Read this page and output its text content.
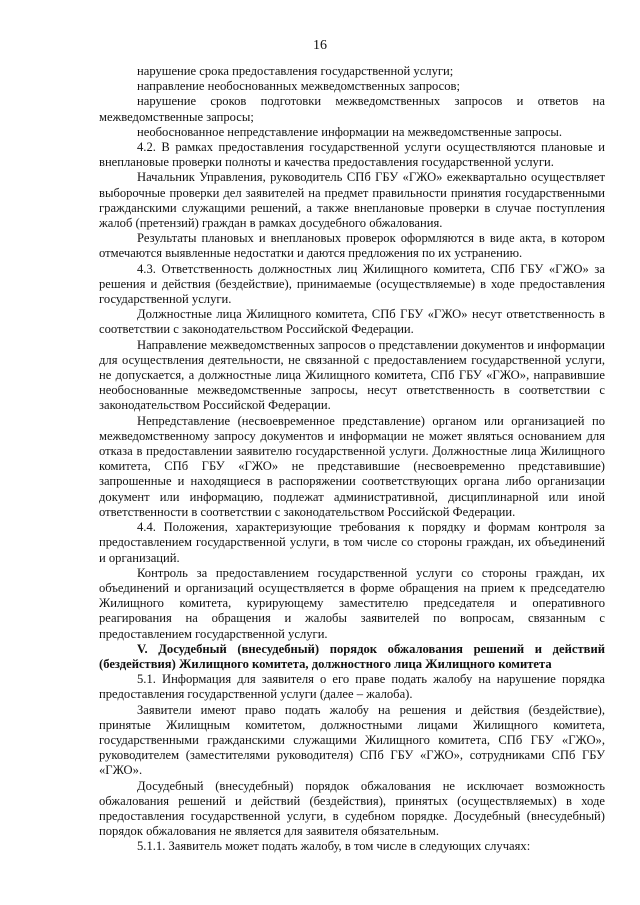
16

нарушение срока предоставления государственной услуги;

направление необоснованных межведомственных запросов;

нарушение сроков подготовки межведомственных запросов и ответов на межведомственные запросы;

необоснованное непредставление информации на межведомственные запросы.

4.2. В рамках предоставления государственной услуги осуществляются плановые и внеплановые проверки полноты и качества предоставления государственной услуги.

Начальник Управления, руководитель СПб ГБУ «ГЖО» ежеквартально осуществляет выборочные проверки дел заявителей на предмет правильности принятия государственными гражданскими служащими решений, а также внеплановые проверки в случае поступления жалоб (претензий) граждан в рамках досудебного обжалования.

Результаты плановых и внеплановых проверок оформляются в виде акта, в котором отмечаются выявленные недостатки и даются предложения по их устранению.

4.3. Ответственность должностных лиц Жилищного комитета, СПб ГБУ «ГЖО» за решения и действия (бездействие), принимаемые (осуществляемые) в ходе предоставления государственной услуги.

Должностные лица Жилищного комитета, СПб ГБУ «ГЖО» несут ответственность в соответствии с законодательством Российской Федерации.

Направление межведомственных запросов о представлении документов и информации для осуществления деятельности, не связанной с предоставлением государственной услуги, не допускается, а должностные лица Жилищного комитета, СПб ГБУ «ГЖО», направившие необоснованные межведомственные запросы, несут ответственность в соответствии с законодательством Российской Федерации.

Непредставление (несвоевременное представление) органом или организацией по межведомственному запросу документов и информации не может являться основанием для отказа в предоставлении заявителю государственной услуги. Должностные лица Жилищного комитета, СПб ГБУ «ГЖО» не представившие (несвоевременно представившие) запрошенные и находящиеся в распоряжении соответствующих органа либо организации документ или информацию, подлежат административной, дисциплинарной или иной ответственности в соответствии с законодательством Российской Федерации.

4.4. Положения, характеризующие требования к порядку и формам контроля за предоставлением государственной услуги, в том числе со стороны граждан, их объединений и организаций.

Контроль за предоставлением государственной услуги со стороны граждан, их объединений и организаций осуществляется в форме обращения на прием к председателю Жилищного комитета, курирующему заместителю председателя и оперативного реагирования на обращения и жалобы заявителей по вопросам, связанным с предоставлением государственной услуги.

V. Досудебный (внесудебный) порядок обжалования решений и действий (бездействия) Жилищного комитета, должностного лица Жилищного комитета

5.1. Информация для заявителя о его праве подать жалобу на нарушение порядка предоставления государственной услуги (далее – жалоба).

Заявители имеют право подать жалобу на решения и действия (бездействие), принятые Жилищным комитетом, должностными лицами Жилищного комитета, государственными гражданскими служащими Жилищного комитета, СПб ГБУ «ГЖО», руководителем (заместителями руководителя) СПб ГБУ «ГЖО», сотрудниками СПб ГБУ «ГЖО».

Досудебный (внесудебный) порядок обжалования не исключает возможность обжалования решений и действий (бездействия), принятых (осуществляемых) в ходе предоставления государственной услуги, в судебном порядке. Досудебный (внесудебный) порядок обжалования не является для заявителя обязательным.

5.1.1. Заявитель может подать жалобу, в том числе в следующих случаях:
